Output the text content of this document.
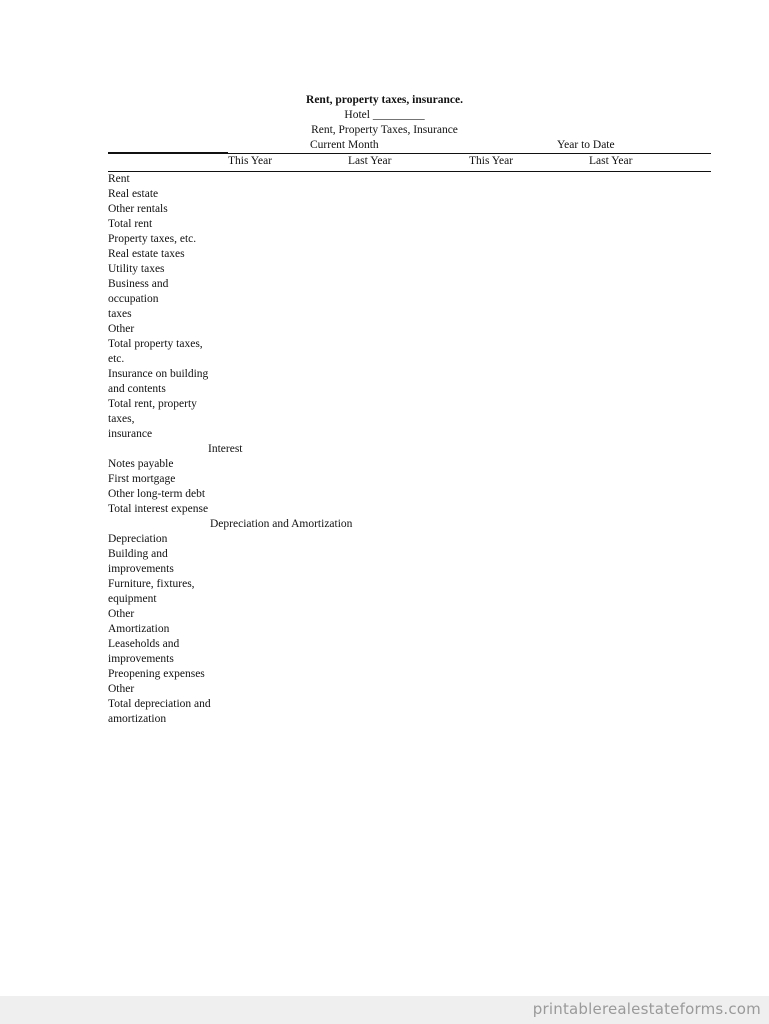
Rent, property taxes, insurance.
Hotel _________
Rent, Property Taxes, Insurance
Current Month	Year to Date
This Year	Last Year	This Year	Last Year
Rent
Real estate
Other rentals
Total rent
Property taxes, etc.
Real estate taxes
Utility taxes
Business and
occupation
taxes
Other
Total property taxes,
etc.
Insurance on building
and contents
Total rent, property
taxes,
insurance
Interest
Notes payable
First mortgage
Other long-term debt
Total interest expense
Depreciation and Amortization
Depreciation
Building and
improvements
Furniture, fixtures,
equipment
Other
Amortization
Leaseholds and
improvements
Preopening expenses
Other
Total depreciation and
amortization
printablerealestateforms.com
